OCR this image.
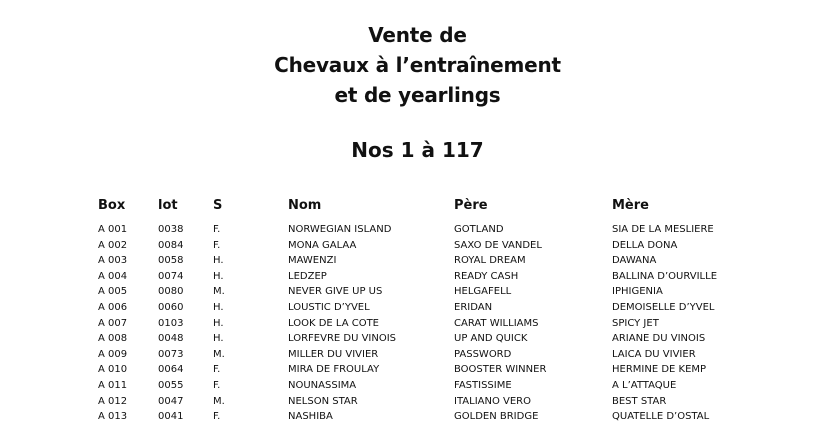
Vente de
Chevaux à l’entraînement
et de yearlings
Nos 1 à 117
Box	lot	S	Nom	Père	Mère
A 001	0038	F.	NORWEGIAN ISLAND	GOTLAND	SIA DE LA MESLIERE
A 002	0084	F.	MONA GALAA	SAXO DE VANDEL	DELLA DONA
A 003	0058	H.	MAWENZI	ROYAL DREAM	DAWANA
A 004	0074	H.	LEDZEP	READY CASH	BALLINA D’OURVILLE
A 005	0080	M.	NEVER GIVE UP US	HELGAFELL	IPHIGENIA
A 006	0060	H.	LOUSTIC D’YVEL	ERIDAN	DEMOISELLE D’YVEL
A 007	0103	H.	LOOK DE LA COTE	CARAT WILLIAMS	SPICY JET
A 008	0048	H.	LORFEVRE DU VINOIS	UP AND QUICK	ARIANE DU VINOIS
A 009	0073	M.	MILLER DU VIVIER	PASSWORD	LAICA DU VIVIER
A 010	0064	F.	MIRA DE FROULAY	BOOSTER WINNER	HERMINE DE KEMP
A 011	0055	F.	NOUNASSIMA	FASTISSIME	A L’ATTAQUE
A 012	0047	M.	NELSON STAR	ITALIANO VERO	BEST STAR
A 013	0041	F.	NASHIBA	GOLDEN BRIDGE	QUATELLE D’OSTAL
